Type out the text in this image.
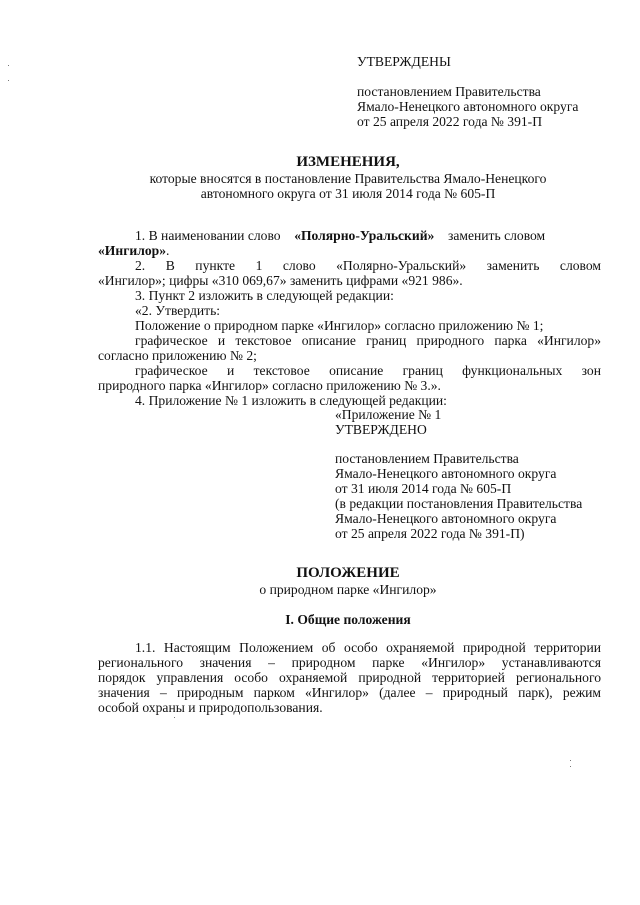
УТВЕРЖДЕНЫ
постановлением Правительства
Ямало-Ненецкого автономного округа
от 25 апреля 2022 года № 391-П
ИЗМЕНЕНИЯ,
которые вносятся в постановление Правительства Ямало-Ненецкого
автономного округа от 31 июля 2014 года № 605-П
1. В наименовании слово «Полярно-Уральский» заменить словом
«Ингилор».
2. В пункте 1 слово «Полярно-Уральский» заменить словом
«Ингилор»; цифры «310 069,67» заменить цифрами «921 986».
3. Пункт 2 изложить в следующей редакции:
«2. Утвердить:
Положение о природном парке «Ингилор» согласно приложению № 1;
графическое и текстовое описание границ природного парка «Ингилор»
согласно приложению № 2;
графическое и текстовое описание границ функциональных зон
природного парка «Ингилор» согласно приложению № 3.».
4. Приложение № 1 изложить в следующей редакции:
«Приложение № 1
УТВЕРЖДЕНО
постановлением Правительства
Ямало-Ненецкого автономного округа
от 31 июля 2014 года № 605-П
(в редакции постановления Правительства
Ямало-Ненецкого автономного округа
от 25 апреля 2022 года № 391-П)
ПОЛОЖЕНИЕ
о природном парке «Ингилор»
I. Общие положения
1.1. Настоящим Положением об особо охраняемой природной территории
регионального значения – природном парке «Ингилор» устанавливаются
порядок управления особо охраняемой природной территорией регионального
значения – природным парком «Ингилор» (далее – природный парк), режим
особой охраны и природопользования.
